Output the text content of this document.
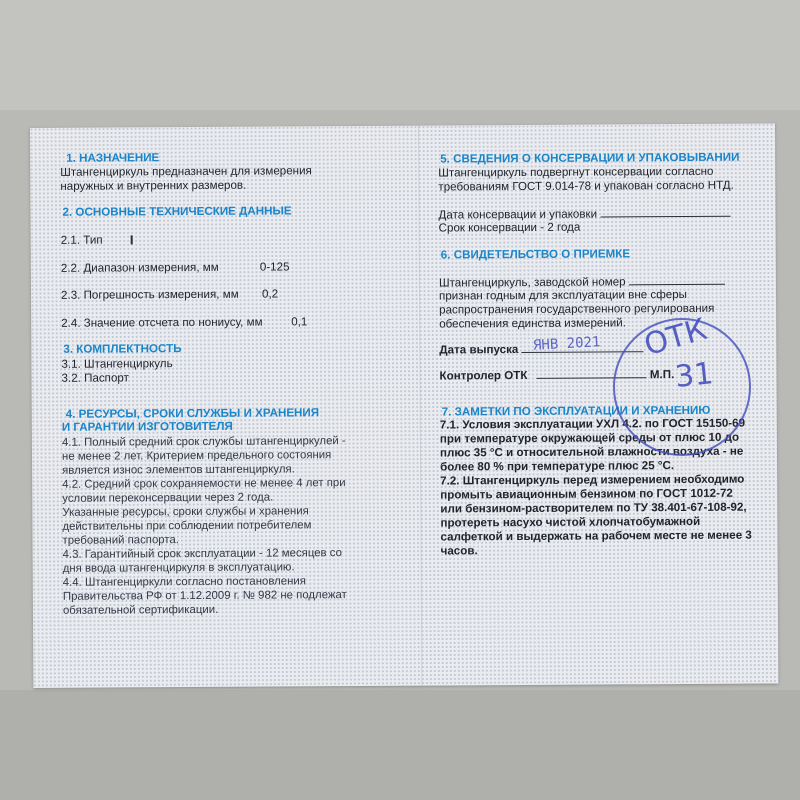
1. НАЗНАЧЕНИЕ
Штангенциркуль предназначен для измерения
наружных и внутренних размеров.
2. ОСНОВНЫЕ ТЕХНИЧЕСКИЕ ДАННЫЕ
2.1. Тип
2.2. Диапазон измерения, мм	0-125
2.3. Погрешность измерения, мм 0,2
2.4. Значение отсчета по нониусу, мм 0,1
3. КОМПЛЕКТНОСТЬ
3.1. Штангенциркуль
3.2. Паспорт
4. РЕСУРСЫ, СРОКИ СЛУЖБЫ И ХРАНЕНИЯ
И ГАРАНТИИ ИЗГОТОВИТЕЛЯ
4.1. Полный средний срок службы штангенциркулей -
не менее 2 лет. Критерием предельного состояния
является износ элементов штангенциркуля.
4.2. Средний срок сохраняемости не менее 4 лет при
условии переконсервации через 2 года.
Указанные ресурсы, сроки службы и хранения
действительны при соблюдении потребителем
требований паспорта.
4.3. Гарантийный срок эксплуатации - 12 месяцев со
дня ввода штангенциркуля в эксплуатацию.
4.4. Штангенциркули согласно постановления
Правительства РФ от 1.12.2009 г. № 982 не подлежат
обязательной сертификации.
5. СВЕДЕНИЯ О КОНСЕРВАЦИИ И УПАКОВЫВАНИИ
Штангенциркуль подвергнут консервации согласно
требованиям ГОСТ 9.014-78 и упакован согласно НТД.
Дата консервации и упаковки
Срок консервации - 2 года
6. СВИДЕТЕЛЬСТВО О ПРИЕМКЕ
Штангенциркуль, заводской номер
признан годным для эксплуатации вне сферы
распространения государственного регулирования
обеспечения единства измерений.
Дата выпуска
Контролер ОТК	М.П.
7. ЗАМЕТКИ ПО ЭКСПЛУАТАЦИИ И ХРАНЕНИЮ
7.1. Условия эксплуатации УХЛ 4.2. по ГОСТ 15150-69
при температуре окружающей среды от плюс 10 до
плюс 35 °С и относительной влажности воздуха - не
более 80 % при температуре плюс 25 °С.
7.2. Штангенциркуль перед измерением необходимо
промыть авиационным бензином по ГОСТ 1012-72
или бензином-растворителем по ТУ 38.401-67-108-92,
протереть насухо чистой хлопчатобумажной
салфеткой и выдержать на рабочем месте не менее 3
часов.
ЯНВ 2021 ОТК
31
